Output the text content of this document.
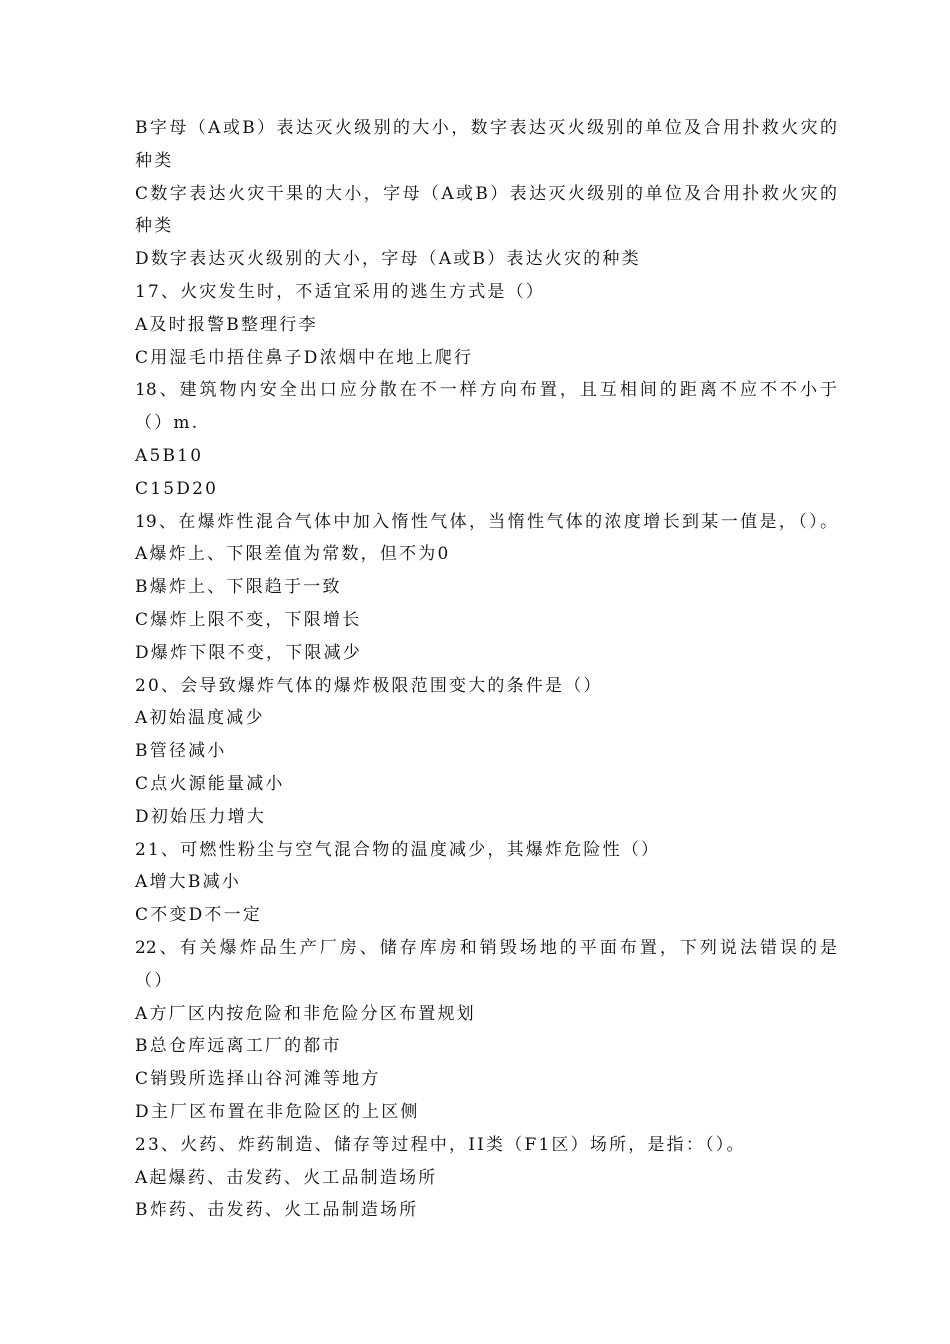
B字母（A或B）表达灭火级别的大小，数字表达灭火级别的单位及合用扑救火灾的
种类
C数字表达火灾干果的大小，字母（A或B）表达灭火级别的单位及合用扑救火灾的
种类
D数字表达灭火级别的大小，字母（A或B）表达火灾的种类
17、火灾发生时，不适宜采用的逃生方式是（）
A及时报警B整理行李
C用湿毛巾捂住鼻子D浓烟中在地上爬行
18、建筑物内安全出口应分散在不一样方向布置，且互相间的距离不应不不小于
（）m.
A5B10
C15D20
19、在爆炸性混合气体中加入惰性气体，当惰性气体的浓度增长到某一值是，（）。
A爆炸上、下限差值为常数，但不为0
B爆炸上、下限趋于一致
C爆炸上限不变，下限增长
D爆炸下限不变，下限减少
20、会导致爆炸气体的爆炸极限范围变大的条件是（）
A初始温度减少
B管径减小
C点火源能量减小
D初始压力增大
21、可燃性粉尘与空气混合物的温度减少，其爆炸危险性（）
A增大B减小
C不变D不一定
22、有关爆炸品生产厂房、储存库房和销毁场地的平面布置，下列说法错误的是
（）
A方厂区内按危险和非危险分区布置规划
B总仓库远离工厂的都市
C销毁所选择山谷河滩等地方
D主厂区布置在非危险区的上区侧
23、火药、炸药制造、储存等过程中，II类（F1区）场所，是指：（）。
A起爆药、击发药、火工品制造场所
B炸药、击发药、火工品制造场所
